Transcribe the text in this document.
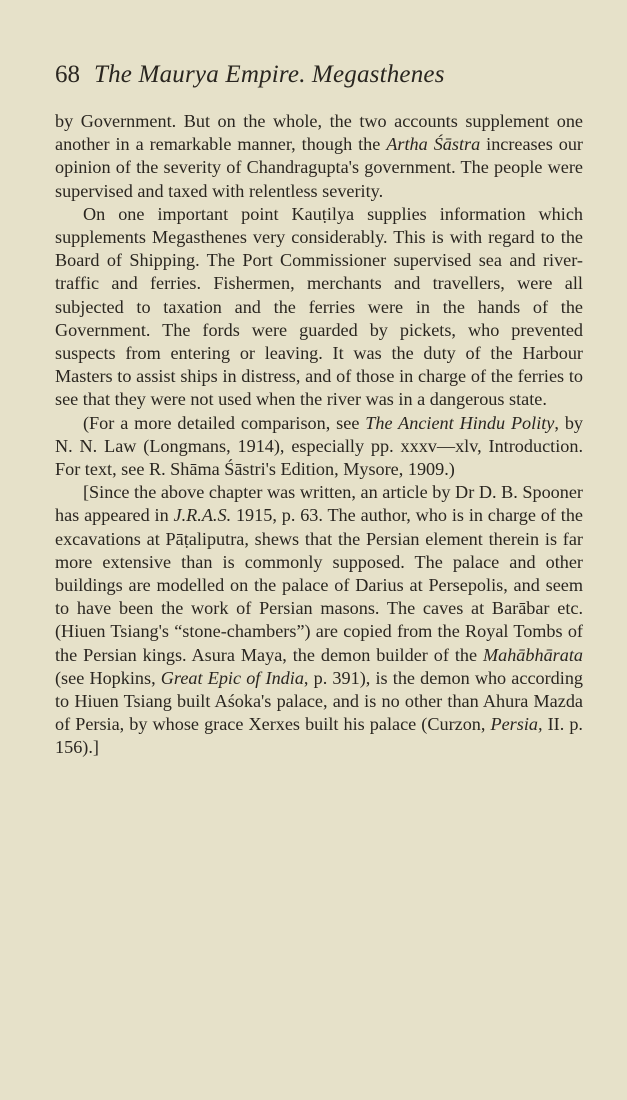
68 The Maurya Empire. Megasthenes

by Government. But on the whole, the two accounts supplement one another in a remarkable manner, though the Artha Śāstra increases our opinion of the severity of Chandragupta's government. The people were supervised and taxed with relentless severity.

On one important point Kauṭilya supplies information which supplements Megasthenes very considerably. This is with regard to the Board of Shipping. The Port Commissioner supervised sea and river-traffic and ferries. Fishermen, merchants and travellers, were all subjected to taxation and the ferries were in the hands of the Government. The fords were guarded by pickets, who prevented suspects from entering or leaving. It was the duty of the Harbour Masters to assist ships in distress, and of those in charge of the ferries to see that they were not used when the river was in a dangerous state.

(For a more detailed comparison, see The Ancient Hindu Polity, by N. N. Law (Longmans, 1914), especially pp. xxxv—xlv, Introduction. For text, see R. Shāma Śāstri's Edition, Mysore, 1909.)

[Since the above chapter was written, an article by Dr D. B. Spooner has appeared in J.R.A.S. 1915, p. 63. The author, who is in charge of the excavations at Pāṭaliputra, shews that the Persian element therein is far more extensive than is commonly supposed. The palace and other buildings are modelled on the palace of Darius at Persepolis, and seem to have been the work of Persian masons. The caves at Barābar etc. (Hiuen Tsiang's “stone-chambers”) are copied from the Royal Tombs of the Persian kings. Asura Maya, the demon builder of the Mahābhārata (see Hopkins, Great Epic of India, p. 391), is the demon who according to Hiuen Tsiang built Aśoka's palace, and is no other than Ahura Mazda of Persia, by whose grace Xerxes built his palace (Curzon, Persia, II. p. 156).]
